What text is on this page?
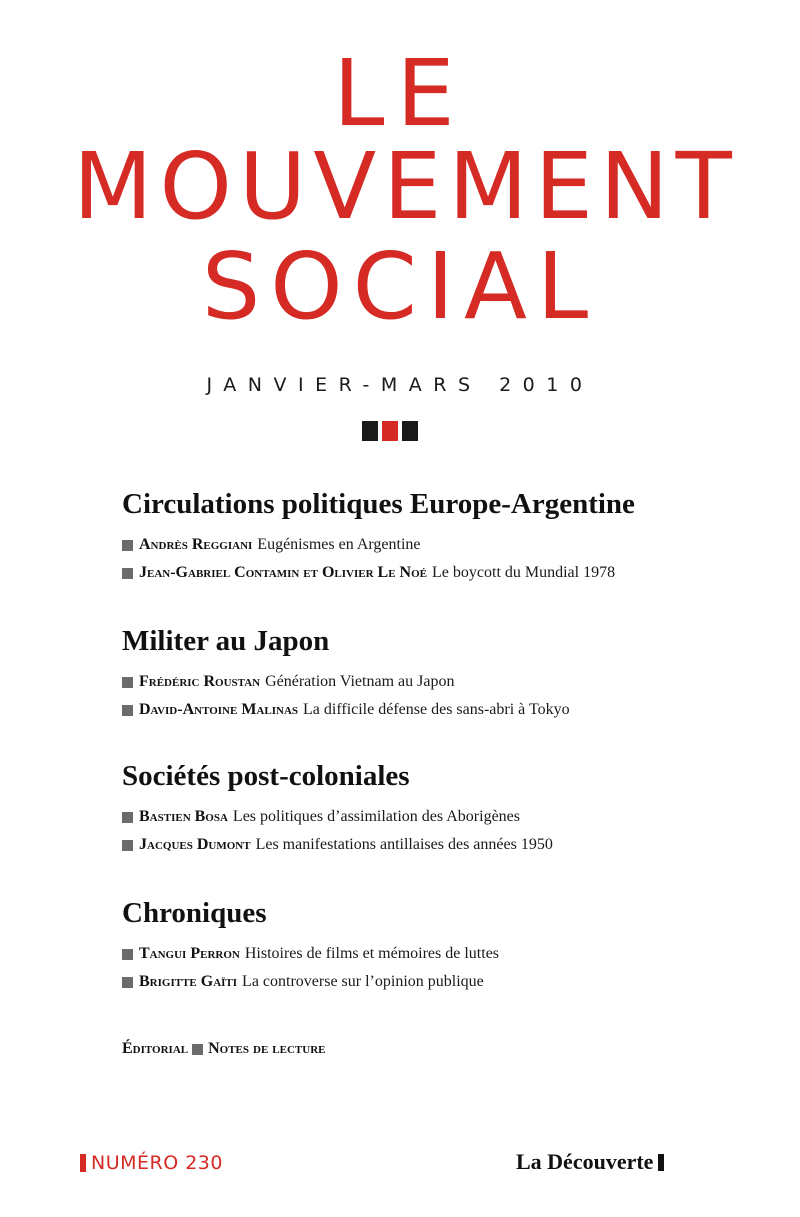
LE
MOUVEMENT
SOCIAL
JANVIER-MARS 2010
Circulations politiques Europe-Argentine
Andrès Reggiani Eugénismes en Argentine
Jean-Gabriel Contamin et Olivier Le Noé Le boycott du Mundial 1978
Militer au Japon
Frédéric Roustan Génération Vietnam au Japon
David-Antoine Malinas La difficile défense des sans-abri à Tokyo
Sociétés post-coloniales
Bastien Bosa Les politiques d’assimilation des Aborigènes
Jacques Dumont Les manifestations antillaises des années 1950
Chroniques
Tangui Perron Histoires de films et mémoires de luttes
Brigitte Gaïti La controverse sur l’opinion publique
Éditorial Notes de lecture
NUMÉRO 230	La Découverte
